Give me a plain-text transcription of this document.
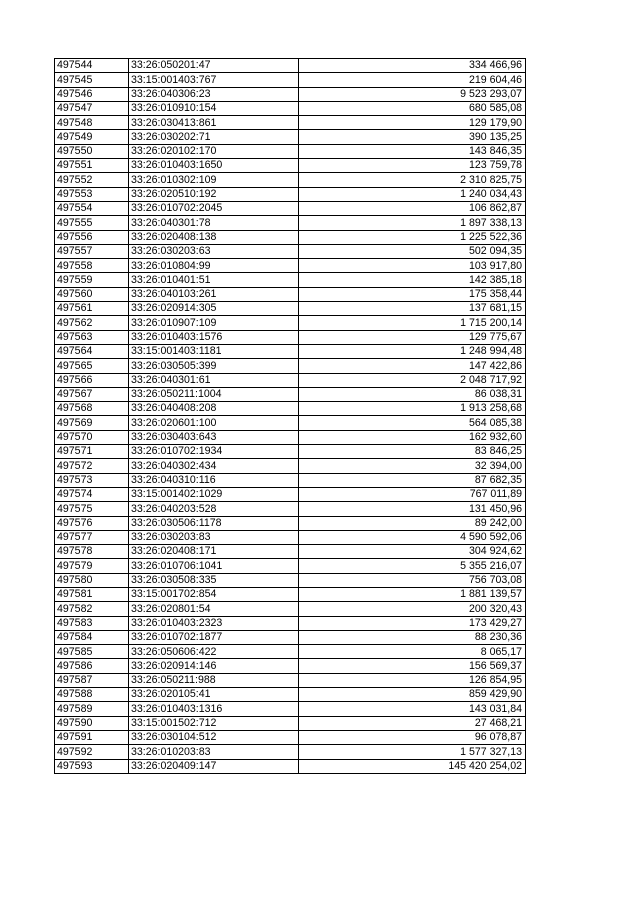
497544	33:26:050201:47	334 466,96
497545	33:15:001403:767	219 604,46
497546	33:26:040306:23	9 523 293,07
497547	33:26:010910:154	680 585,08
497548	33:26:030413:861	129 179,90
497549	33:26:030202:71	390 135,25
497550	33:26:020102:170	143 846,35
497551	33:26:010403:1650	123 759,78
497552	33:26:010302:109	2 310 825,75
497553	33:26:020510:192	1 240 034,43
497554	33:26:010702:2045	106 862,87
497555	33:26:040301:78	1 897 338,13
497556	33:26:020408:138	1 225 522,36
497557	33:26:030203:63	502 094,35
497558	33:26:010804:99	103 917,80
497559	33:26:010401:51	142 385,18
497560	33:26:040103:261	175 358,44
497561	33:26:020914:305	137 681,15
497562	33:26:010907:109	1 715 200,14
497563	33:26:010403:1576	129 775,67
497564	33:15:001403:1181	1 248 994,48
497565	33:26:030505:399	147 422,86
497566	33:26:040301:61	2 048 717,92
497567	33:26:050211:1004	86 038,31
497568	33:26:040408:208	1 913 258,68
497569	33:26:020601:100	564 085,38
497570	33:26:030403:643	162 932,60
497571	33:26:010702:1934	83 846,25
497572	33:26:040302:434	32 394,00
497573	33:26:040310:116	87 682,35
497574	33:15:001402:1029	767 011,89
497575	33:26:040203:528	131 450,96
497576	33:26:030506:1178	89 242,00
497577	33:26:030203:83	4 590 592,06
497578	33:26:020408:171	304 924,62
497579	33:26:010706:1041	5 355 216,07
497580	33:26:030508:335	756 703,08
497581	33:15:001702:854	1 881 139,57
497582	33:26:020801:54	200 320,43
497583	33:26:010403:2323	173 429,27
497584	33:26:010702:1877	88 230,36
497585	33:26:050606:422	8 065,17
497586	33:26:020914:146	156 569,37
497587	33:26:050211:988	126 854,95
497588	33:26:020105:41	859 429,90
497589	33:26:010403:1316	143 031,84
497590	33:15:001502:712	27 468,21
497591	33:26:030104:512	96 078,87
497592	33:26:010203:83	1 577 327,13
497593	33:26:020409:147	145 420 254,02
